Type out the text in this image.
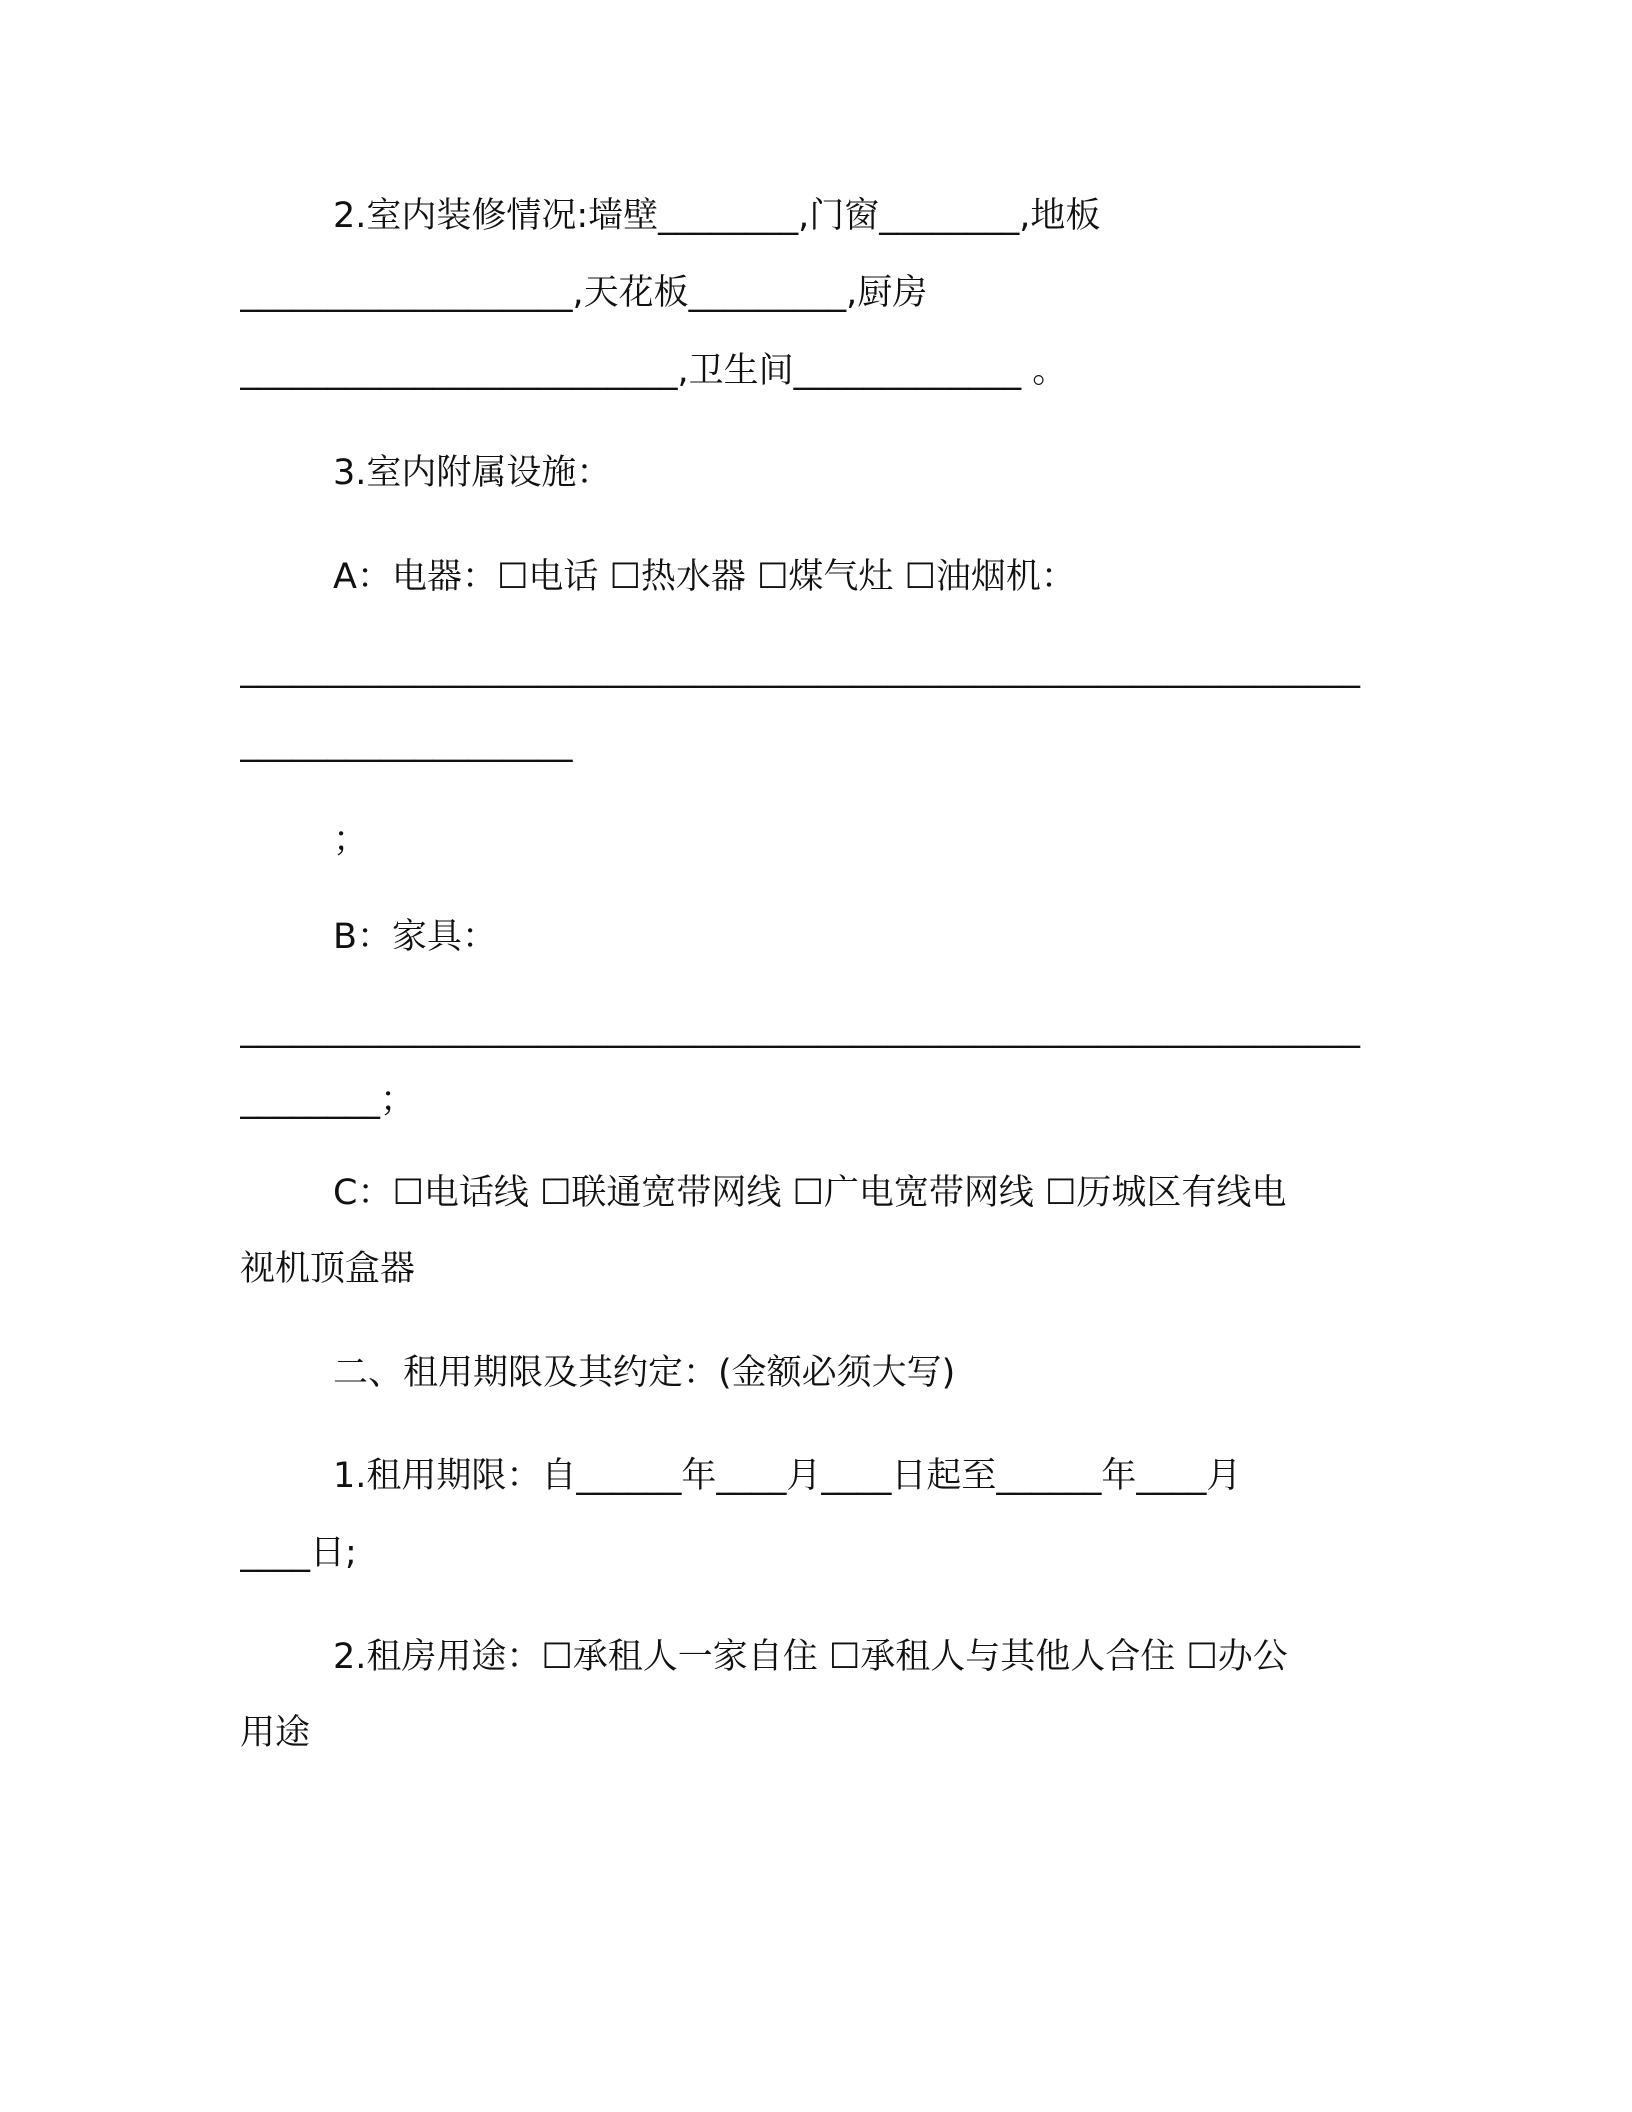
2.室内装修情况:墙壁________,门窗________,地板
___________________,天花板_________,厨房
_________________________,卫生间_____________ 。
3.室内附属设施：
A：电器：☐电话 ☐热水器 ☐煤气灶 ☐油烟机：
________________________________________________________________
___________________
；
B：家具：
________________________________________________________________
________；
C：☐电话线 ☐联通宽带网线 ☐广电宽带网线 ☐历城区有线电
视机顶盒器
二、租用期限及其约定：(金额必须大写)
1.租用期限：自______年____月____日起至______年____月
____日;
2.租房用途：☐承租人一家自住 ☐承租人与其他人合住 ☐办公
用途
